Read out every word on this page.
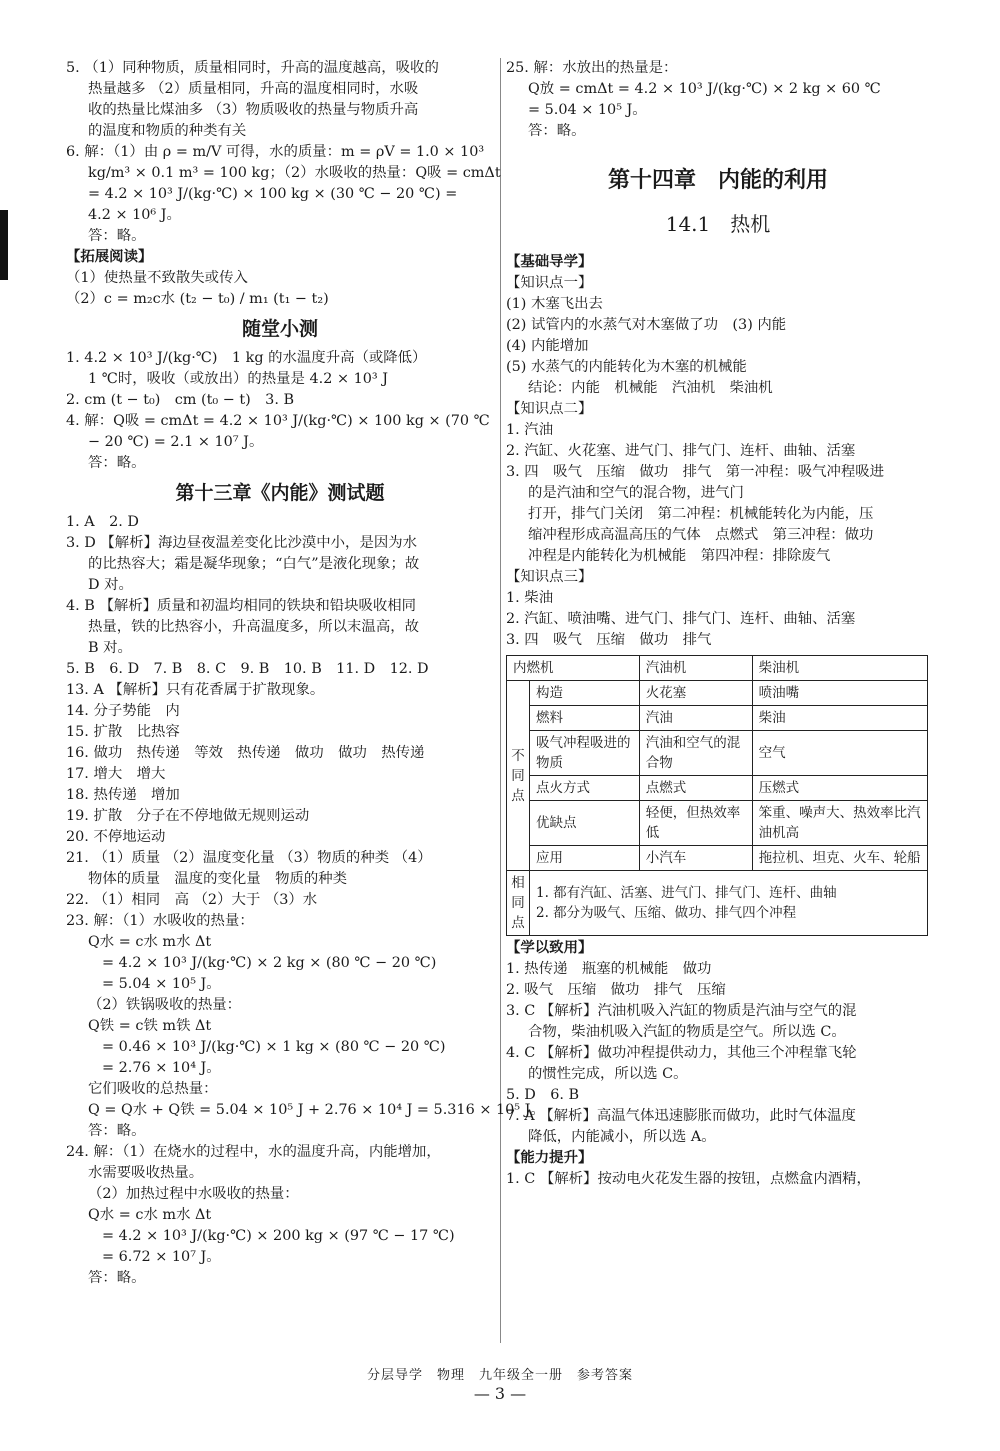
5. （1）同种物质，质量相同时，升高的温度越高，吸收的
热量越多 （2）质量相同，升高的温度相同时，水吸
收的热量比煤油多 （3）物质吸收的热量与物质升高
的温度和物质的种类有关
6. 解：（1）由 ρ = m/V 可得，水的质量：m = ρV = 1.0 × 10³
kg/m³ × 0.1 m³ = 100 kg；（2）水吸收的热量：Q吸 = cmΔt
= 4.2 × 10³ J/(kg·℃) × 100 kg × (30 ℃ − 20 ℃) =
4.2 × 10⁶ J。
答：略。
【拓展阅读】
（1）使热量不致散失或传入
（2）c = m₂c水 (t₂ − t₀) / m₁ (t₁ − t₂)
随堂小测
1. 4.2 × 10³ J/(kg·℃)　1 kg 的水温度升高（或降低）
1 ℃时，吸收（或放出）的热量是 4.2 × 10³ J
2. cm (t − t₀)　cm (t₀ − t)　3. B
4. 解：Q吸 = cmΔt = 4.2 × 10³ J/(kg·℃) × 100 kg × (70 ℃
− 20 ℃) = 2.1 × 10⁷ J。
答：略。
第十三章《内能》测试题
1. A　2. D
3. D 【解析】海边昼夜温差变化比沙漠中小，是因为水
的比热容大；霜是凝华现象；“白气”是液化现象；故
D 对。
4. B 【解析】质量和初温均相同的铁块和铅块吸收相同
热量，铁的比热容小，升高温度多，所以末温高，故
B 对。
5. B　6. D　7. B　8. C　9. B　10. B　11. D　12. D
13. A 【解析】只有花香属于扩散现象。
14. 分子势能　内
15. 扩散　比热容
16. 做功　热传递　等效　热传递　做功　做功　热传递
17. 增大　增大
18. 热传递　增加
19. 扩散　分子在不停地做无规则运动
20. 不停地运动
21. （1）质量 （2）温度变化量 （3）物质的种类 （4）
物体的质量　温度的变化量　物质的种类
22. （1）相同　高 （2）大于 （3）水
23. 解：（1）水吸收的热量：
Q水 = c水 m水 Δt
= 4.2 × 10³ J/(kg·℃) × 2 kg × (80 ℃ − 20 ℃)
= 5.04 × 10⁵ J。
（2）铁锅吸收的热量：
Q铁 = c铁 m铁 Δt
= 0.46 × 10³ J/(kg·℃) × 1 kg × (80 ℃ − 20 ℃)
= 2.76 × 10⁴ J。
它们吸收的总热量：
Q = Q水 + Q铁 = 5.04 × 10⁵ J + 2.76 × 10⁴ J = 5.316 × 10⁵ J。
答：略。
24. 解：（1）在烧水的过程中，水的温度升高，内能增加，
水需要吸收热量。
（2）加热过程中水吸收的热量：
Q水 = c水 m水 Δt
= 4.2 × 10³ J/(kg·℃) × 200 kg × (97 ℃ − 17 ℃)
= 6.72 × 10⁷ J。
答：略。
25. 解：水放出的热量是：
Q放 = cmΔt = 4.2 × 10³ J/(kg·℃) × 2 kg × 60 ℃
= 5.04 × 10⁵ J。
答：略。
第十四章　内能的利用
14.1　热机
【基础导学】
【知识点一】
(1) 木塞飞出去
(2) 试管内的水蒸气对木塞做了功　(3) 内能
(4) 内能增加
(5) 水蒸气的内能转化为木塞的机械能
结论：内能　机械能　汽油机　柴油机
【知识点二】
1. 汽油
2. 汽缸、火花塞、进气门、排气门、连杆、曲轴、活塞
3. 四　吸气　压缩　做功　排气　第一冲程：吸气冲程吸进
的是汽油和空气的混合物，进气门
打开，排气门关闭　第二冲程：机械能转化为内能，压
缩冲程形成高温高压的气体　点燃式　第三冲程：做功
冲程是内能转化为机械能　第四冲程：排除废气
【知识点三】
1. 柴油
2. 汽缸、喷油嘴、进气门、排气门、连杆、曲轴、活塞
3. 四　吸气　压缩　做功　排气
内燃机		汽油机	柴油机
不同点	构造	火花塞	喷油嘴
	燃料	汽油	柴油
	吸气冲程吸进的物质	汽油和空气的混合物	空气
	点火方式	点燃式	压燃式
	优缺点	轻便，但热效率低	笨重、噪声大、热效率比汽油机高
	应用	小汽车	拖拉机、坦克、火车、轮船
相同点	1. 都有汽缸、活塞、进气门、排气门、连杆、曲轴
2. 都分为吸气、压缩、做功、排气四个冲程		
【学以致用】
1. 热传递　瓶塞的机械能　做功
2. 吸气　压缩　做功　排气　压缩
3. C 【解析】汽油机吸入汽缸的物质是汽油与空气的混
合物，柴油机吸入汽缸的物质是空气。所以选 C。
4. C 【解析】做功冲程提供动力，其他三个冲程靠飞轮
的惯性完成，所以选 C。
5. D　6. B
7. A 【解析】高温气体迅速膨胀而做功，此时气体温度
降低，内能减小，所以选 A。
【能力提升】
1. C 【解析】按动电火花发生器的按钮，点燃盒内酒精，
分层导学　物理　九年级全一册　参考答案
— 3 —
